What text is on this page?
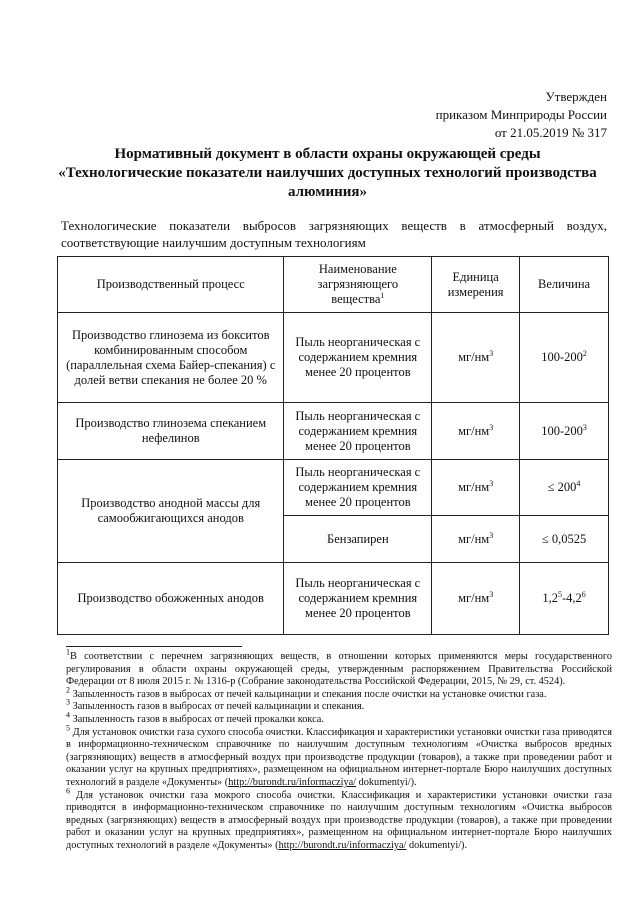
Утвержден
приказом Минприроды России
от 21.05.2019 № 317
Нормативный документ в области охраны окружающей среды
«Технологические показатели наилучших доступных технологий производства
алюминия»
Технологические показатели выбросов загрязняющих веществ в атмосферный воздух, соответствующие наилучшим доступным технологиям
Производственный процесс	Наименование загрязняющего вещества$^1$	Единица измерения	Величина
Производство глинозема из бокситов комбинированным способом (параллельная схема Байер-спекания) с долей ветви спекания не более 20 %	Пыль неорганическая с содержанием кремния менее 20 процентов	$мг/нм^3$	$100-200^2$
Производство глинозема спеканием нефелинов	Пыль неорганическая с содержанием кремния менее 20 процентов	$мг/нм^3$	$100-200^3$
Производство анодной массы для самообжигающихся анодов	Пыль неорганическая с содержанием кремния менее 20 процентов	$мг/нм^3$	≤ $200^4$
	Бензапирен	$мг/нм^3$	≤ 0,0525
Производство обожженных анодов	Пыль неорганическая с содержанием кремния менее 20 процентов	$мг/нм^3$	$1,2^5-4,2^6$

$^1$В соответствии с перечнем загрязняющих веществ, в отношении которых применяются меры государственного регулирования в области охраны окружающей среды, утвержденным распоряжением Правительства Российской Федерации от 8 июля 2015 г. № 1316-р (Собрание законодательства Российской Федерации, 2015, № 29, ст. 4524).

$^2$ Запыленность газов в выбросах от печей кальцинации и спекания после очистки на установке очистки газа.

$^3$ Запыленность газов в выбросах от печей кальцинации и спекания.

$^4$ Запыленность газов в выбросах от печей прокалки кокса.

$^5$ Для установок очистки газа сухого способа очистки. Классификация и характеристики установки очистки газа приводятся в информационно-техническом справочнике по наилучшим доступным технологиям «Очистка выбросов вредных (загрязняющих) веществ в атмосферный воздух при производстве продукции (товаров), а также при проведении работ и оказании услуг на крупных предприятиях», размещенном на официальном интернет-портале Бюро наилучших доступных технологий в разделе «Документы» (http://burondt.ru/informacziya/ dokumentyi/).

$^6$ Для установок очистки газа мокрого способа очистки. Классификация и характеристики установки очистки газа приводятся в информационно-техническом справочнике по наилучшим доступным технологиям «Очистка выбросов вредных (загрязняющих) веществ в атмосферный воздух при производстве продукции (товаров), а также при проведении работ и оказании услуг на крупных предприятиях», размещенном на официальном интернет-портале Бюро наилучших доступных технологий в разделе «Документы» (http://burondt.ru/informacziya/ dokumentyi/).
